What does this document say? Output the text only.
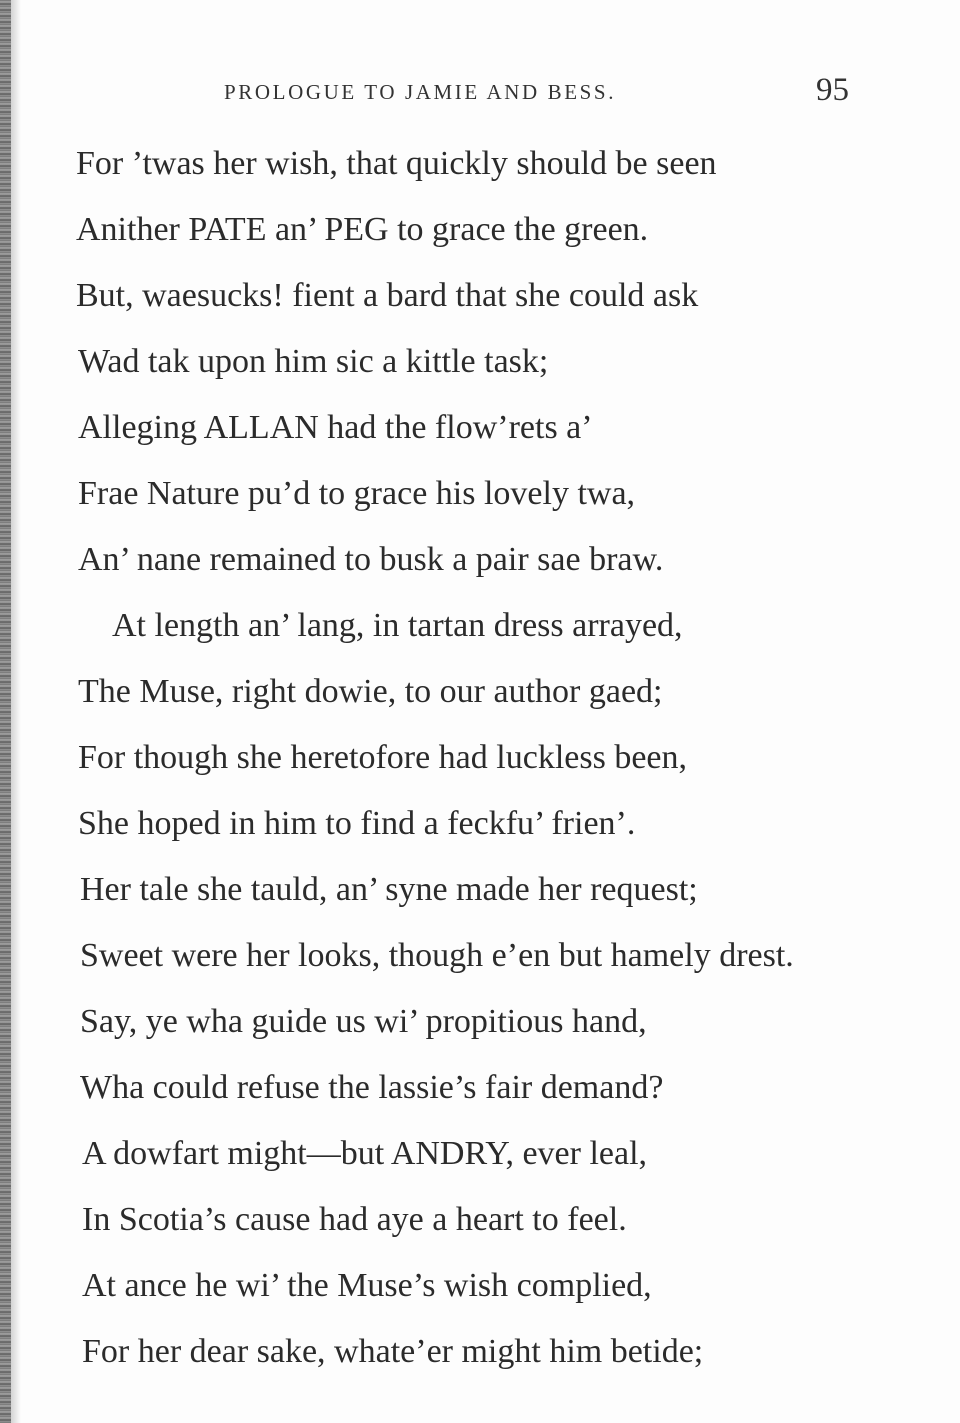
PROLOGUE TO JAMIE AND BESS.	95
For ’twas her wish, that quickly should be seen
Anither PATE an’ PEG to grace the green.
But, waesucks! fient a bard that she could ask
Wad tak upon him sic a kittle task;
Alleging ALLAN had the flow’rets a’
Frae Nature pu’d to grace his lovely twa,
An’ nane remained to busk a pair sae braw.
At length an’ lang, in tartan dress arrayed,
The Muse, right dowie, to our author gaed;
For though she heretofore had luckless been,
She hoped in him to find a feckfu’ frien’.
Her tale she tauld, an’ syne made her request;
Sweet were her looks, though e’en but hamely drest.
Say, ye wha guide us wi’ propitious hand,
Wha could refuse the lassie’s fair demand?
A dowfart might—but ANDRY, ever leal,
In Scotia’s cause had aye a heart to feel.
At ance he wi’ the Muse’s wish complied,
For her dear sake, whate’er might him betide;
